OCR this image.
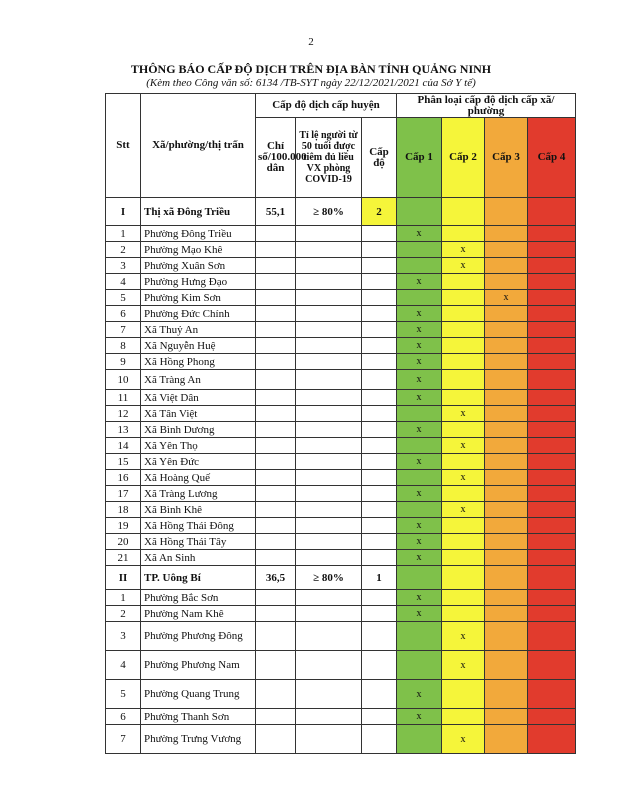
2
THÔNG BÁO CẤP ĐỘ DỊCH TRÊN ĐỊA BÀN TỈNH QUẢNG NINH
(Kèm theo Công văn số: 6134 /TB-SYT ngày 22/12/2021/2021 của Sở Y tế)
Stt	Xã/phường/thị trấn	Cấp độ dịch cấp huyện			Phân loại cấp độ dịch cấp xã/ phường			
		Chỉ số/100.000 dân	Tỉ lệ người từ 50 tuổi được tiêm đủ liều VX phòng COVID-19	Cấp độ	Cấp 1	Cấp 2	Cấp 3	Cấp 4
I	Thị xã Đông Triều	55,1	≥ 80%	2				
1	Phường Đông Triều				x			
2	Phường Mạo Khê					x		
3	Phường Xuân Sơn					x		
4	Phường Hưng Đạo				x			
5	Phường Kim Sơn						x	
6	Phường Đức Chính				x			
7	Xã Thuỷ An				x			
8	Xã Nguyễn Huệ				x			
9	Xã Hồng Phong				x			
10	Xã Tràng An				x			
11	Xã Việt Dân				x			
12	Xã Tân Việt					x		
13	Xã Bình Dương				x			
14	Xã Yên Thọ					x		
15	Xã Yên Đức				x			
16	Xã Hoàng Quế					x		
17	Xã Tràng Lương				x			
18	Xã Bình Khê					x		
19	Xã Hồng Thái Đông				x			
20	Xã Hồng Thái Tây				x			
21	Xã An Sinh				x			
II	TP. Uông Bí	36,5	≥ 80%	1				
1	Phường Bắc Sơn				x			
2	Phường Nam Khê				x			
3	Phường Phương Đông					x		
4	Phường Phương Nam					x		
5	Phường Quang Trung				x			
6	Phường Thanh Sơn				x			
7	Phường Trưng Vương					x		
